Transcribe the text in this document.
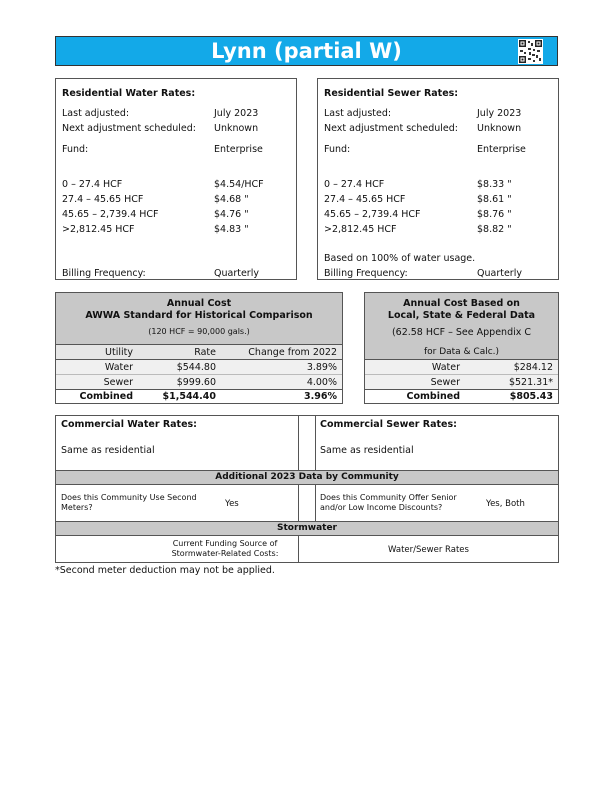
Lynn (partial W)
Residential Water Rates:
Last adjusted:	July 2023
Next adjustment scheduled: Unknown
Fund:	Enterprise
0 – 27.4 HCF	$4.54/HCF
27.4 – 45.65 HCF	$4.68 "
45.65 – 2,739.4 HCF	$4.76 "
>2,812.45 HCF	$4.83 "
Billing Frequency:	Quarterly
Residential Sewer Rates:
Last adjusted:	July 2023
Next adjustment scheduled: Unknown
Fund:	Enterprise
0 – 27.4 HCF	$8.33 "
27.4 – 45.65 HCF	$8.61 "
45.65 – 2,739.4 HCF	$8.76 "
>2,812.45 HCF	$8.82 "
Based on 100% of water usage.
Billing Frequency:	Quarterly
Annual Cost
AWWA Standard for Historical Comparison
(120 HCF = 90,000 gals.)
Utility	Rate	Change from 2022
Water	$544.80	3.89%
Sewer	$999.60	4.00%
Combined	$1,544.40	3.96%
Annual Cost Based on
Local, State & Federal Data
(62.58 HCF – See Appendix C
for Data & Calc.)
Water	$284.12
Sewer	$521.31*
Combined	$805.43
Commercial Water Rates:
Same as residential
Commercial Sewer Rates:
Same as residential
Additional 2023 Data by Community
Does this Community Use Second
Meters?	Yes
Does this Community Offer Senior
and/or Low Income Discounts?	Yes, Both
Stormwater
Current Funding Source of
Stormwater-Related Costs:	Water/Sewer Rates
*Second meter deduction may not be applied.
